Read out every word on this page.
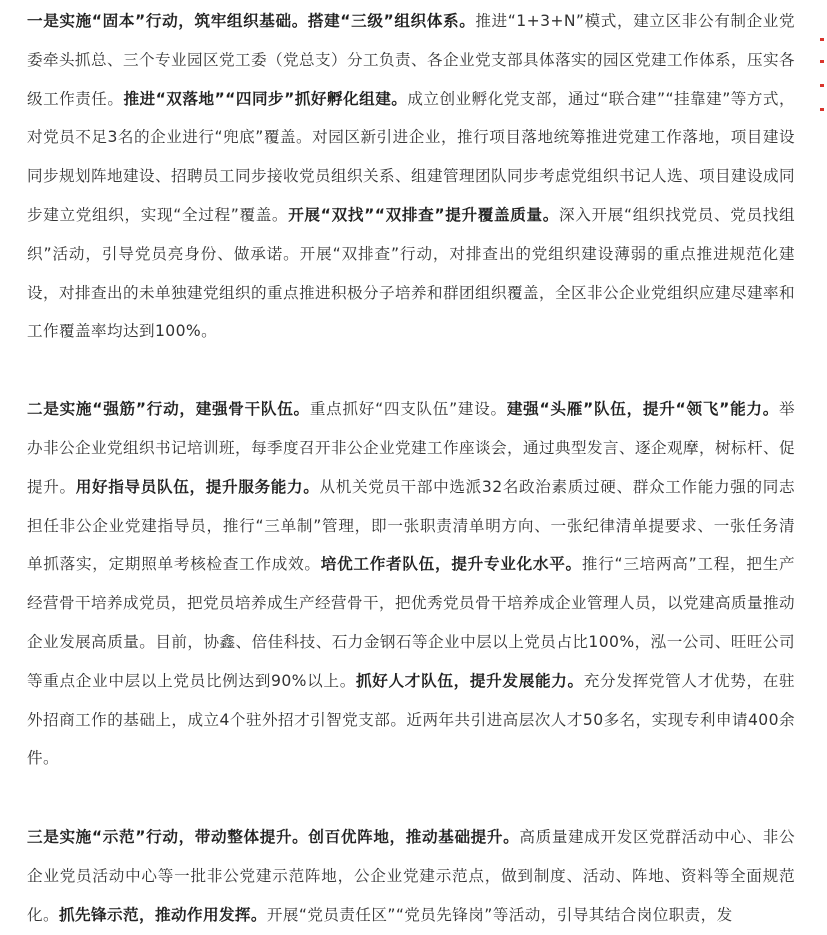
一是实施“固本”行动，筑牢组织基础。搭建“三级”组织体系。推进“1+3+N”模式，建立区非公有制企业党委牵头抓总、三个专业园区党工委（党总支）分工负责、各企业党支部具体落实的园区党建工作体系，压实各级工作责任。推进“双落地”“四同步”抓好孵化组建。成立创业孵化党支部，通过“联合建”“挂靠建”等方式，对党员不足3名的企业进行“兜底”覆盖。对园区新引进企业，推行项目落地统筹推进党建工作落地，项目建设同步规划阵地建设、招聘员工同步接收党员组织关系、组建管理团队同步考虑党组织书记人选、项目建设成同步建立党组织，实现“全过程”覆盖。开展“双找”“双排查”提升覆盖质量。深入开展“组织找党员、党员找组织”活动，引导党员亮身份、做承诺。开展“双排查”行动，对排查出的党组织建设薄弱的重点推进规范化建设，对排查出的未单独建党组织的重点推进积极分子培养和群团组织覆盖，全区非公企业党组织应建尽建率和工作覆盖率均达到100%。

二是实施“强筋”行动，建强骨干队伍。重点抓好“四支队伍”建设。建强“头雁”队伍，提升“领飞”能力。举办非公企业党组织书记培训班，每季度召开非公企业党建工作座谈会，通过典型发言、逐企观摩，树标杆、促提升。用好指导员队伍，提升服务能力。从机关党员干部中选派32名政治素质过硬、群众工作能力强的同志担任非公企业党建指导员，推行“三单制”管理，即一张职责清单明方向、一张纪律清单提要求、一张任务清单抓落实，定期照单考核检查工作成效。培优工作者队伍，提升专业化水平。推行“三培两高”工程，把生产经营骨干培养成党员，把党员培养成生产经营骨干，把优秀党员骨干培养成企业管理人员，以党建高质量推动企业发展高质量。目前，协鑫、倍佳科技、石力金钢石等企业中层以上党员占比100%，泓一公司、旺旺公司等重点企业中层以上党员比例达到90%以上。抓好人才队伍，提升发展能力。充分发挥党管人才优势，在驻外招商工作的基础上，成立4个驻外招才引智党支部。近两年共引进高层次人才50多名，实现专利申请400余件。

三是实施“示范”行动，带动整体提升。创百优阵地，推动基础提升。高质量建成开发区党群活动中心、非公企业党员活动中心等一批非公党建示范阵地，公企业党建示范点，做到制度、活动、阵地、资料等全面规范化。抓先锋示范，推动作用发挥。开展“党员责任区”“党员先锋岗”等活动，引导其结合岗位职责，发
